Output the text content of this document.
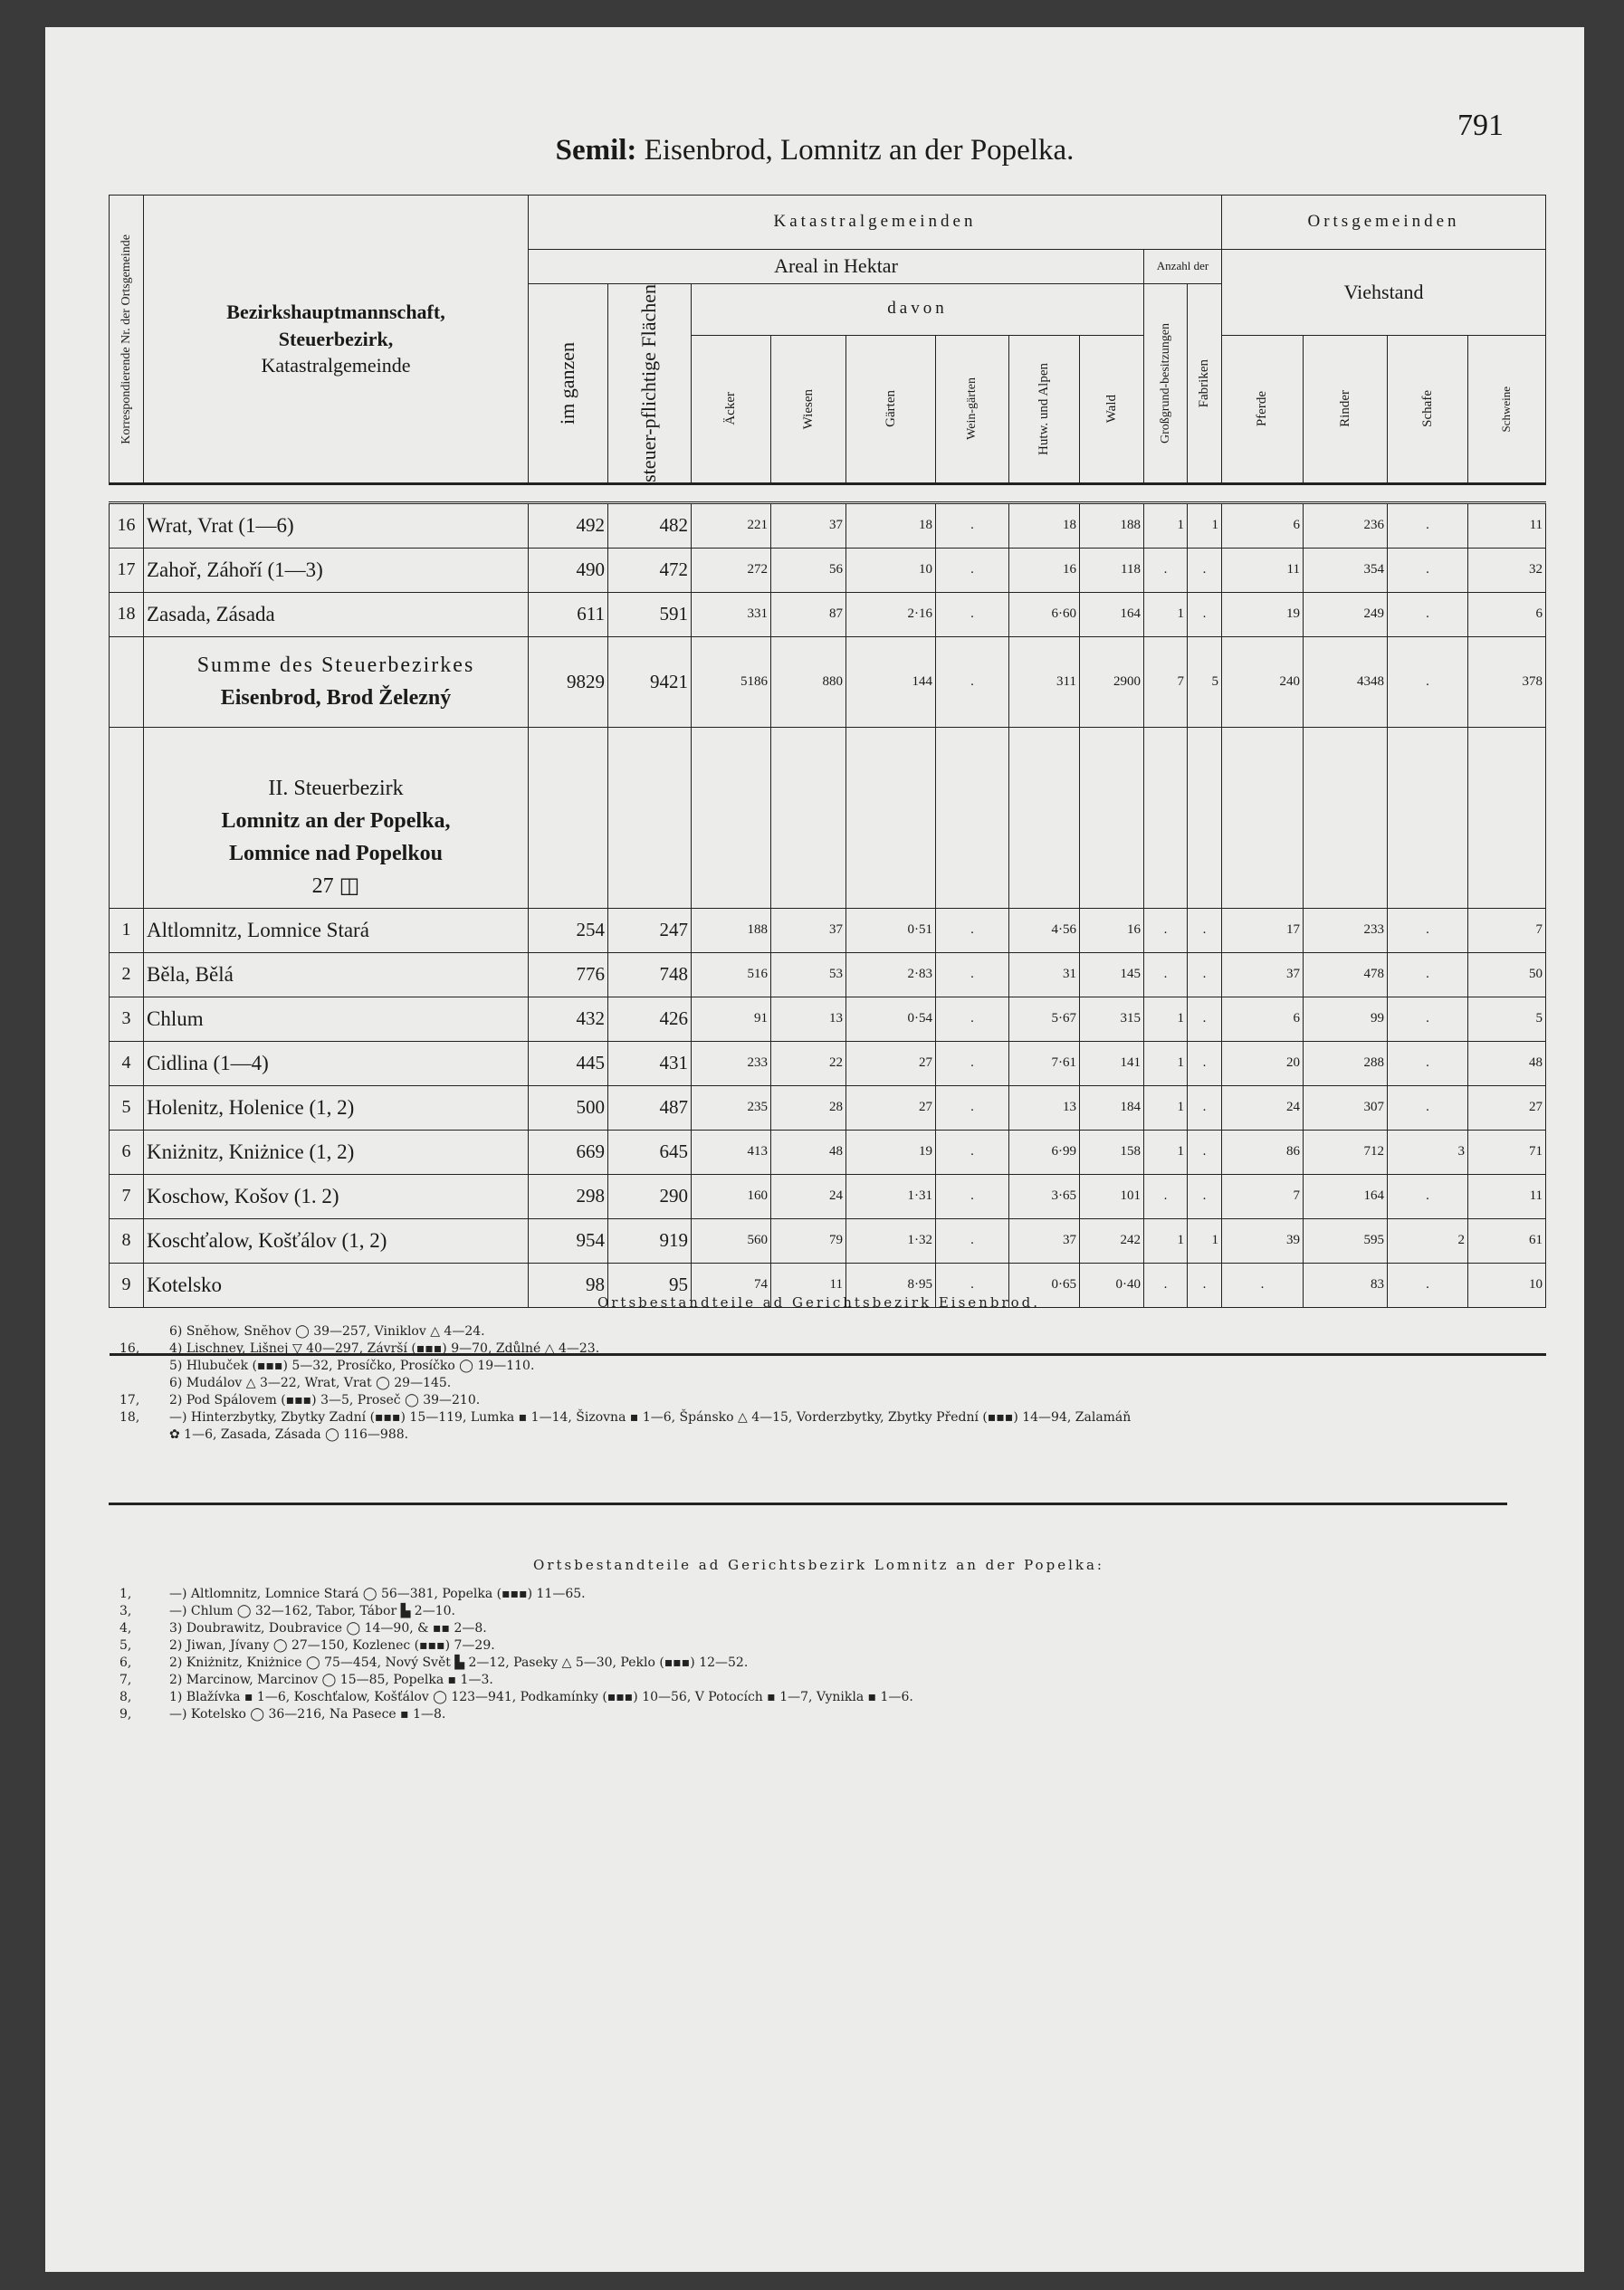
791
Semil: Eisenbrod, Lomnitz an der Popelka.
Korrespondierende Nr. der Ortsgemeinde	Bezirkshauptmannschaft,
Steuerbezirk,
Katastralgemeinde	Katastralgemeinden										Ortsgemeinden			
		Areal in Hektar								Anzahl der		Viehstand			

		im ganzen	steuer-pflichtige Flächen	davon						Großgrund-besitzungen	Fabriken				

				Äcker	Wiesen	Gärten	Wein-gärten	Hutw. und Alpen	Wald			Pferde	Rinder	Schafe	Schweine

16	Wrat, Vrat (1—6)	492	482	221	37	18	.	18	188	1	1	6	236	.	11
17	Zahoř, Záhoří (1—3)	490	472	272	56	10	.	16	118	.	.	11	354	.	32
18	Zasada, Zásada	611	591	331	87	2·16	.	6·60	164	1	.	19	249	.	6
	Summe des Steuerbezirkes
Eisenbrod, Brod Železný	9829	9421	5186	880	144	.	311	2900	7	5	240	4348	.	378
	II. Steuerbezirk
Lomnitz an der Popelka,
Lomnice nad Popelkou
27 ◫														
1	Altlomnitz, Lomnice Stará	254	247	188	37	0·51	.	4·56	16	.	.	17	233	.	7
2	Běla, Bělá	776	748	516	53	2·83	.	31	145	.	.	37	478	.	50
3	Chlum	432	426	91	13	0·54	.	5·67	315	1	.	6	99	.	5
4	Cidlina (1—4)	445	431	233	22	27	.	7·61	141	1	.	20	288	.	48
5	Holenitz, Holenice (1, 2)	500	487	235	28	27	.	13	184	1	.	24	307	.	27
6	Kniżnitz, Kniżnice (1, 2)	669	645	413	48	19	.	6·99	158	1	.	86	712	3	71
7	Koschow, Košov (1. 2)	298	290	160	24	1·31	.	3·65	101	.	.	7	164	.	11
8	Koschťalow, Košťálov (1, 2)	954	919	560	79	1·32	.	37	242	1	1	39	595	2	61
9	Kotelsko	98	95	74	11	8·95	.	0·65	0·40	.	.	.	83	.	10

Ortsbestandteile ad Gerichtsbezirk Eisenbrod.
6) Snĕhow, Snĕhov ◯ 39—257, Viniklov △ 4—24.
16,	4) Lischney, Lišnej ▽ 40—297, Závrší (▪▪▪) 9—70, Zdůlné △ 4—23.
5) Hlubuček (▪▪▪) 5—32, Prosíčko, Prosíčko ◯ 19—110.
6) Mudálov △ 3—22, Wrat, Vrat ◯ 29—145.
17,	2) Pod Spálovem (▪▪▪) 3—5, Proseč ◯ 39—210.
18,	—) Hinterzbytky, Zbytky Zadní (▪▪▪) 15—119, Lumka ▪ 1—14, Šizovna ▪ 1—6, Špánsko △ 4—15, Vorderzbytky, Zbytky Přední (▪▪▪) 14—94, Zalamáň
✿ 1—6, Zasada, Zásada ◯ 116—988.
Ortsbestandteile ad Gerichtsbezirk Lomnitz an der Popelka:
1,	—) Altlomnitz, Lomnice Stará ◯ 56—381, Popelka (▪▪▪) 11—65.
3,	—) Chlum ◯ 32—162, Tabor, Tábor ▙ 2—10.
4,	3) Doubrawitz, Doubravice ◯ 14—90, & ▪▪ 2—8.
5,	2) Jiwan, Jívany ◯ 27—150, Kozlenec (▪▪▪) 7—29.
6,	2) Kniżnitz, Kniżnice ◯ 75—454, Nový Svět ▙ 2—12, Paseky △ 5—30, Peklo (▪▪▪) 12—52.
7,	2) Marcinow, Marcinov ◯ 15—85, Popelka ▪ 1—3.
8,	1) Blažívka ▪ 1—6, Koschťalow, Košťálov ◯ 123—941, Podkamínky (▪▪▪) 10—56, V Potocích ▪ 1—7, Vynikla ▪ 1—6.
9,	—) Kotelsko ◯ 36—216, Na Pasece ▪ 1—8.
